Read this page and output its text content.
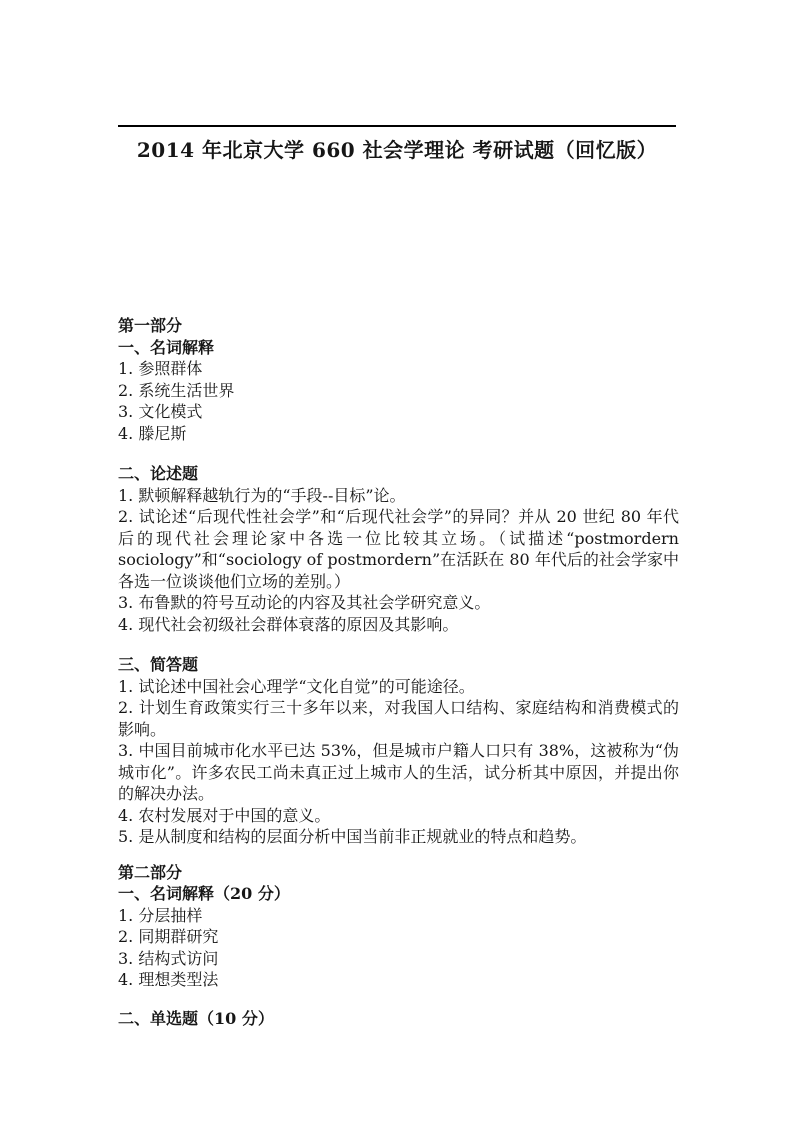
2014 年北京大学 660 社会学理论 考研试题（回忆版）

第一部分

一、名词解释

1. 参照群体

2. 系统生活世界

3. 文化模式

4. 滕尼斯

二、论述题

1. 默顿解释越轨行为的“手段--目标”论。

2. 试论述“后现代性社会学”和“后现代社会学”的异同？并从 20 世纪 80 年代后的现代社会理论家中各选一位比较其立场。（试描述“postmordern sociology”和“sociology of postmordern”在活跃在 80 年代后的社会学家中各选一位谈谈他们立场的差别。）

3. 布鲁默的符号互动论的内容及其社会学研究意义。

4. 现代社会初级社会群体衰落的原因及其影响。

三、简答题

1. 试论述中国社会心理学“文化自觉”的可能途径。

2. 计划生育政策实行三十多年以来，对我国人口结构、家庭结构和消费模式的影响。

3. 中国目前城市化水平已达 53%，但是城市户籍人口只有 38%，这被称为“伪城市化”。许多农民工尚未真正过上城市人的生活，试分析其中原因，并提出你的解决办法。

4. 农村发展对于中国的意义。

5. 是从制度和结构的层面分析中国当前非正规就业的特点和趋势。

第二部分

一、名词解释（20 分）

1. 分层抽样

2. 同期群研究

3. 结构式访问

4. 理想类型法

二、单选题（10 分）
